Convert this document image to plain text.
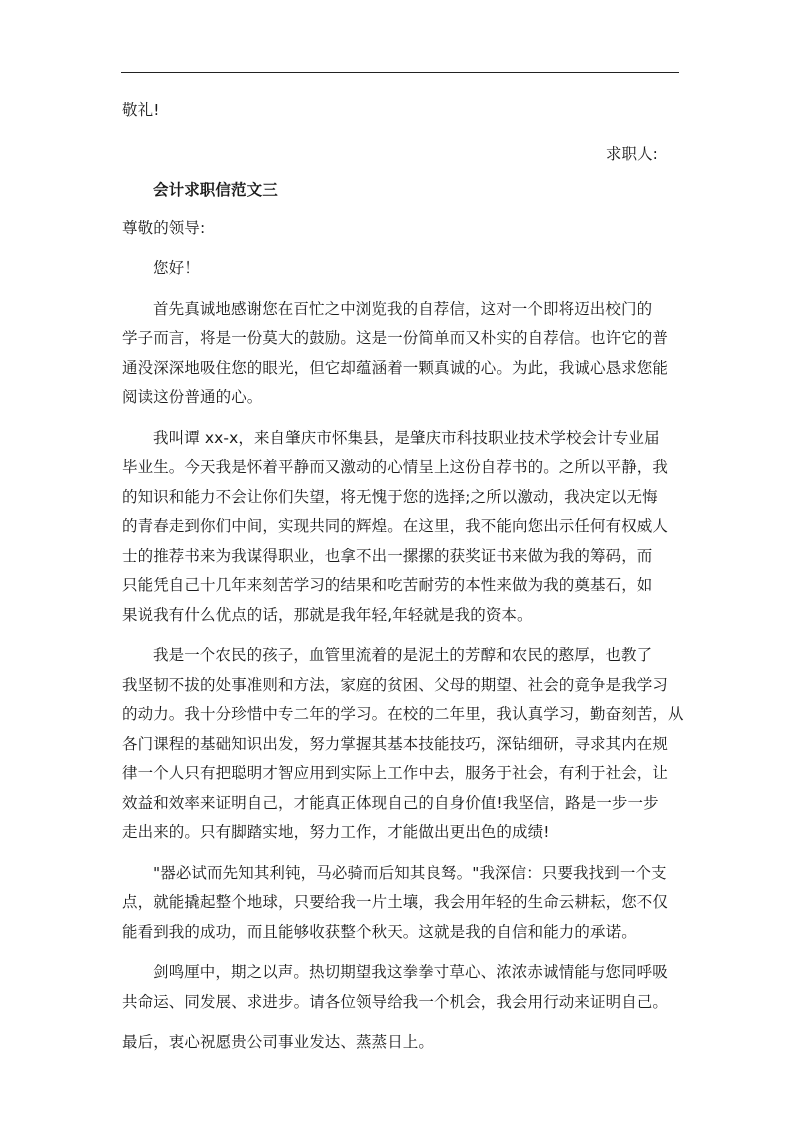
敬礼!

求职人:

会计求职信范文三

尊敬的领导:

您好！

首先真诚地感谢您在百忙之中浏览我的自荐信，这对一个即将迈出校门的

学子而言，将是一份莫大的鼓励。这是一份简单而又朴实的自荐信。也许它的普

通没深深地吸住您的眼光，但它却蕴涵着一颗真诚的心。为此，我诚心恳求您能

阅读这份普通的心。

我叫谭 xx-x，来自肇庆市怀集县，是肇庆市科技职业技术学校会计专业届

毕业生。今天我是怀着平静而又激动的心情呈上这份自荐书的。之所以平静，我

的知识和能力不会让你们失望，将无愧于您的选择;之所以激动，我决定以无悔

的青春走到你们中间，实现共同的辉煌。在这里，我不能向您出示任何有权威人

士的推荐书来为我谋得职业，也拿不出一摞摞的获奖证书来做为我的筹码，而

只能凭自己十几年来刻苦学习的结果和吃苦耐劳的本性来做为我的奠基石，如

果说我有什么优点的话，那就是我年轻,年轻就是我的资本。

我是一个农民的孩子，血管里流着的是泥土的芳醇和农民的憨厚，也教了

我坚韧不拔的处事准则和方法，家庭的贫困、父母的期望、社会的竟争是我学习

的动力。我十分珍惜中专二年的学习。在校的二年里，我认真学习，勤奋刻苦，从

各门课程的基础知识出发，努力掌握其基本技能技巧，深钻细研，寻求其内在规

律一个人只有把聪明才智应用到实际上工作中去，服务于社会，有利于社会，让

效益和效率来证明自己，才能真正体现自己的自身价值!我坚信，路是一步一步

走出来的。只有脚踏实地，努力工作，才能做出更出色的成绩!

"器必试而先知其利钝，马必骑而后知其良驽。"我深信：只要我找到一个支

点，就能撬起整个地球，只要给我一片土壤，我会用年轻的生命云耕耘，您不仅

能看到我的成功，而且能够收获整个秋天。这就是我的自信和能力的承诺。

剑鸣厘中，期之以声。热切期望我这拳拳寸草心、浓浓赤诚情能与您同呼吸

共命运、同发展、求进步。请各位领导给我一个机会，我会用行动来证明自己。

最后，衷心祝愿贵公司事业发达、蒸蒸日上。
